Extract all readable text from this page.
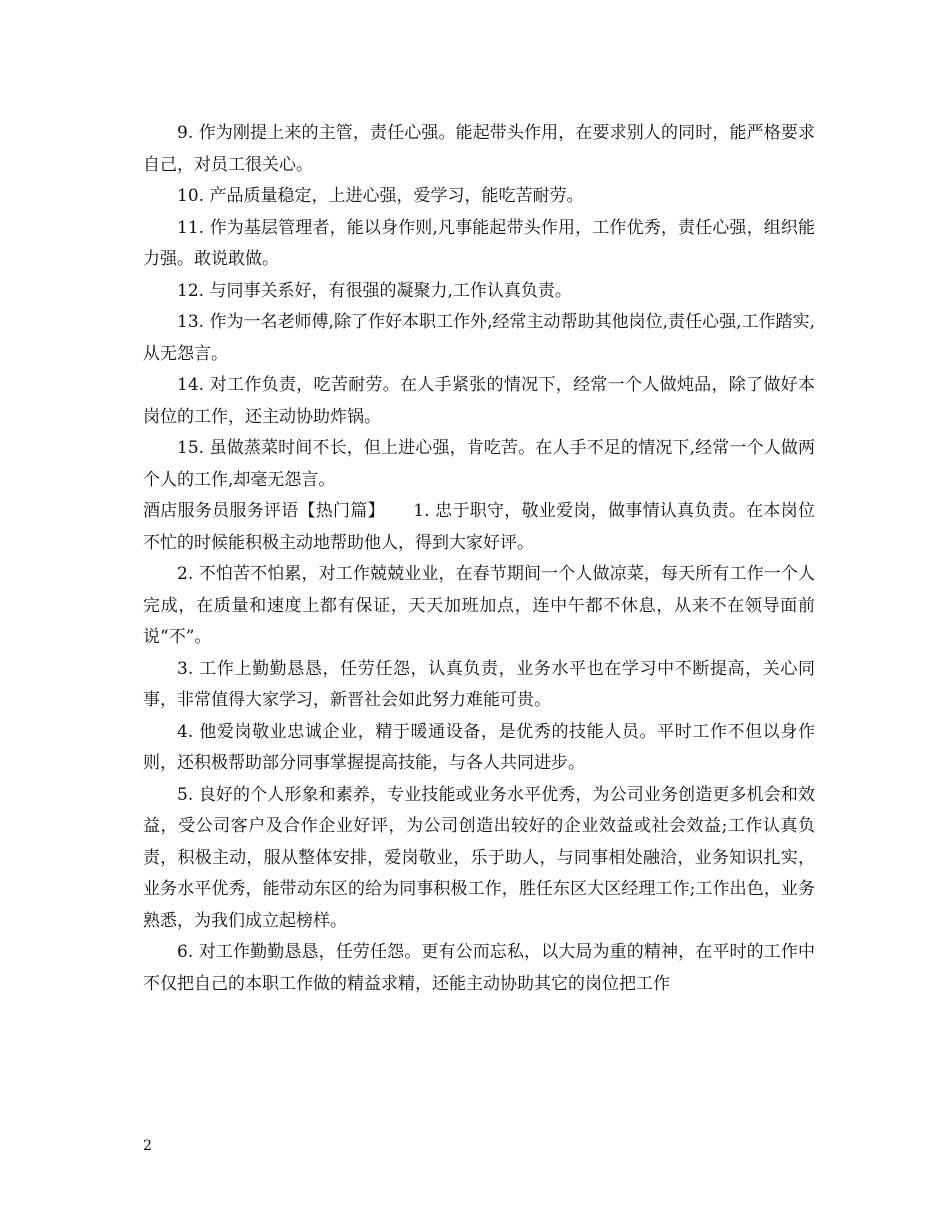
9. 作为刚提上来的主管，责任心强。能起带头作用，在要求别人的同时，能严格要求自己，对员工很关心。

10. 产品质量稳定，上进心强，爱学习，能吃苦耐劳。

11. 作为基层管理者，能以身作则,凡事能起带头作用，工作优秀，责任心强，组织能力强。敢说敢做。

12. 与同事关系好，有很强的凝聚力,工作认真负责。

13. 作为一名老师傅,除了作好本职工作外,经常主动帮助其他岗位,责任心强,工作踏实,从无怨言。

14. 对工作负责，吃苦耐劳。在人手紧张的情况下，经常一个人做炖品，除了做好本岗位的工作，还主动协助炸锅。

15. 虽做蒸菜时间不长，但上进心强，肯吃苦。在人手不足的情况下,经常一个人做两个人的工作,却毫无怨言。

酒店服务员服务评语【热门篇】     1. 忠于职守，敬业爱岗，做事情认真负责。在本岗位不忙的时候能积极主动地帮助他人，得到大家好评。

2. 不怕苦不怕累，对工作兢兢业业，在春节期间一个人做凉菜，每天所有工作一个人完成，在质量和速度上都有保证，天天加班加点，连中午都不休息，从来不在领导面前说“不”。

3. 工作上勤勤恳恳，任劳任怨，认真负责，业务水平也在学习中不断提高，关心同事，非常值得大家学习，新晋社会如此努力难能可贵。

4. 他爱岗敬业忠诚企业，精于暖通设备，是优秀的技能人员。平时工作不但以身作则，还积极帮助部分同事掌握提高技能，与各人共同进步。

5. 良好的个人形象和素养，专业技能或业务水平优秀，为公司业务创造更多机会和效益，受公司客户及合作企业好评，为公司创造出较好的企业效益或社会效益;工作认真负责，积极主动，服从整体安排，爱岗敬业，乐于助人，与同事相处融洽，业务知识扎实，业务水平优秀，能带动东区的给为同事积极工作，胜任东区大区经理工作;工作出色，业务熟悉，为我们成立起榜样。

6. 对工作勤勤恳恳，任劳任怨。更有公而忘私，以大局为重的精神，在平时的工作中不仅把自己的本职工作做的精益求精，还能主动协助其它的岗位把工作

2
